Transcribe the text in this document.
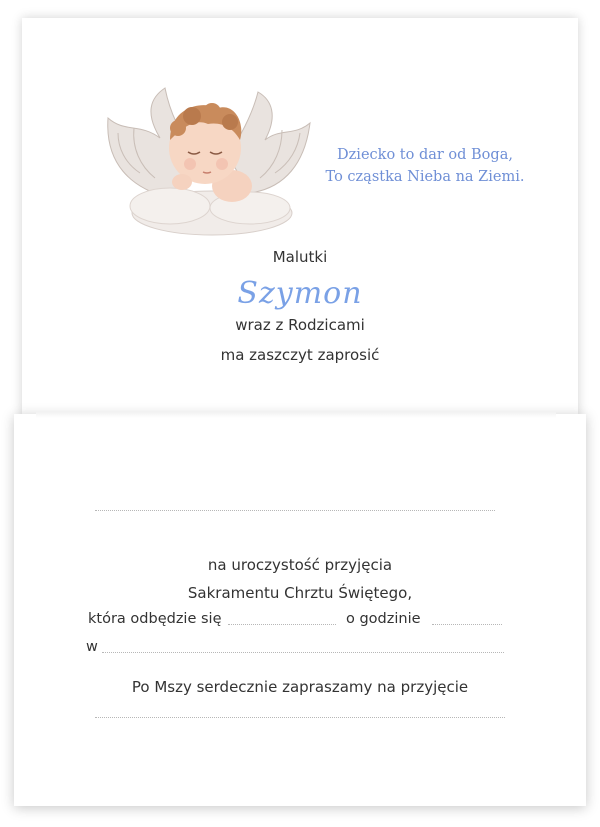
Dziecko to dar od Boga,
To cząstka Nieba na Ziemi.
Malutki
Szymon
wraz z Rodzicami
ma zaszczyt zaprosić
na uroczystość przyjęcia
Sakramentu Chrztu Świętego,
która odbędzie się	o godzinie
w
Po Mszy serdecznie zapraszamy na przyjęcie
